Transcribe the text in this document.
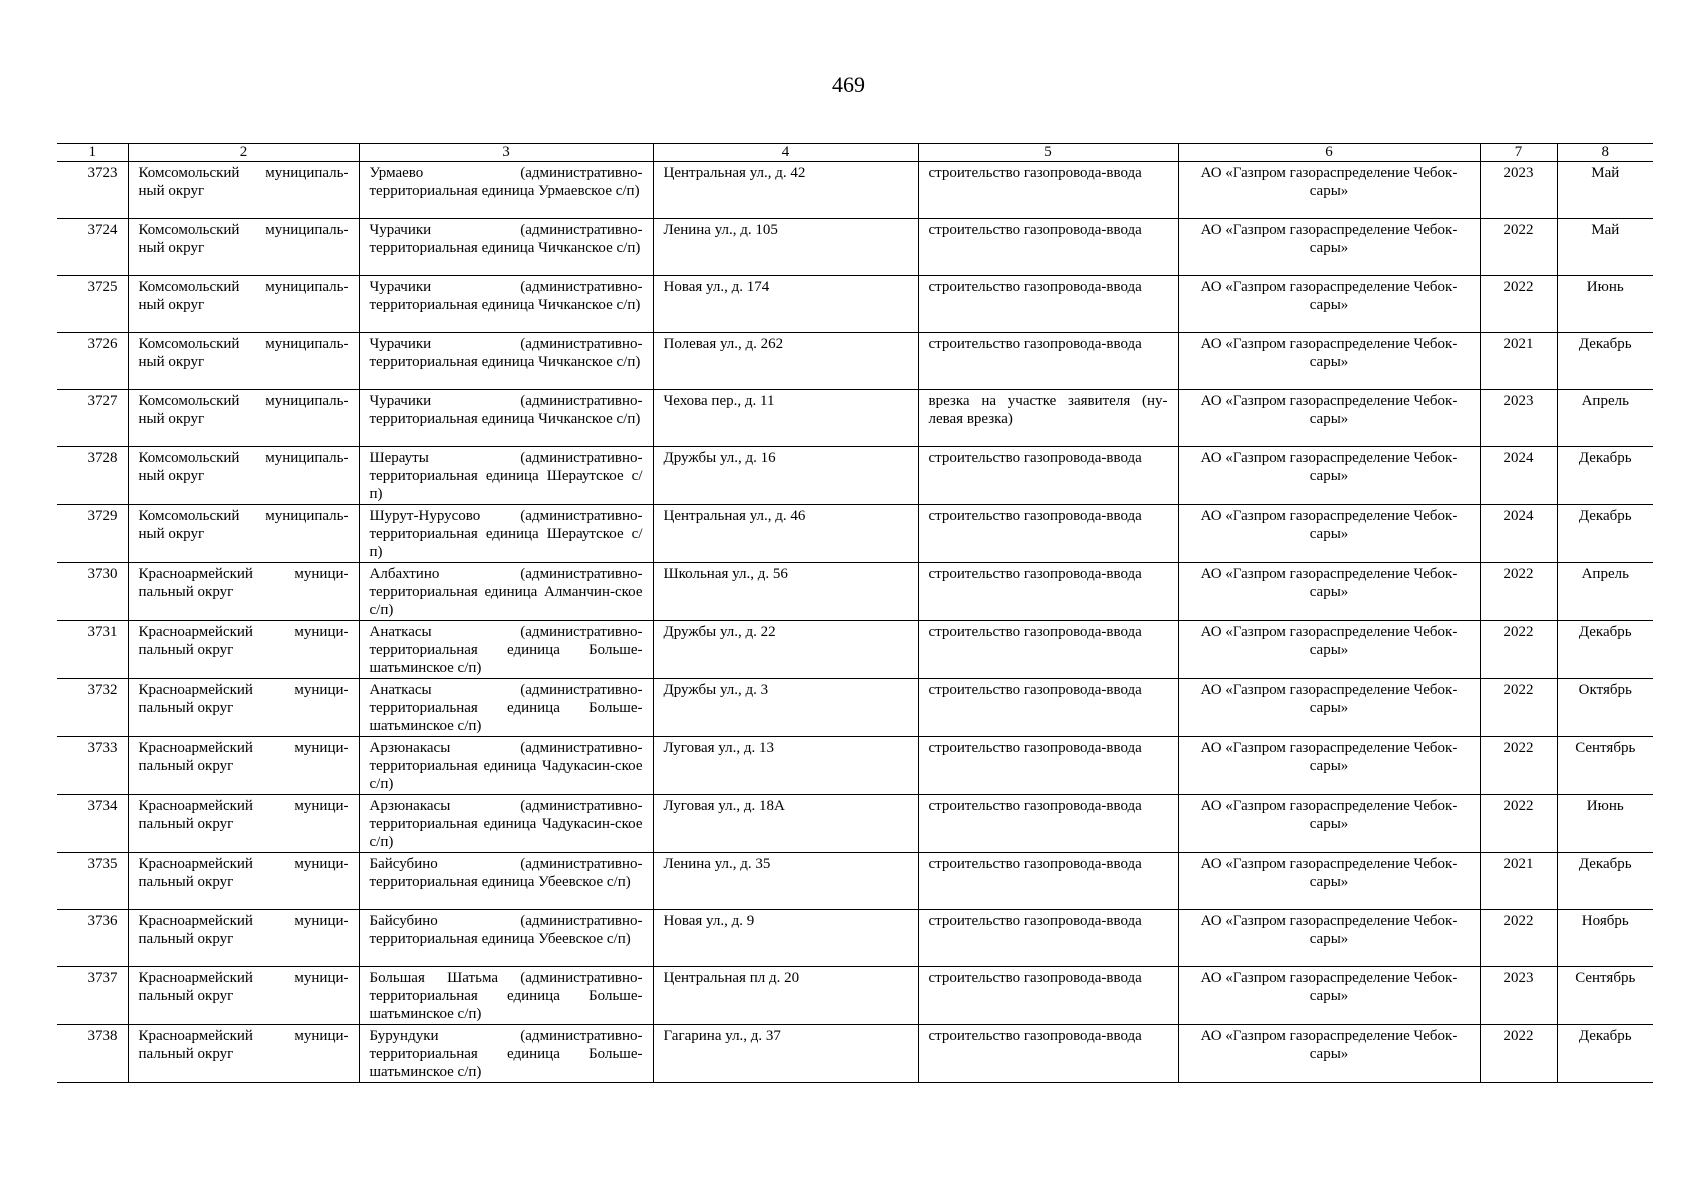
469
1	2	3	4	5	6	7	8
3723	Комсомольский муниципаль-ный округ	Урмаево (административно-территориальная единица Урмаевское с/п)	Центральная ул., д. 42	строительство газопровода-ввода	АО «Газпром газораспределение Чебок-сары»	2023	Май
3724	Комсомольский муниципаль-ный округ	Чурачики (административно-территориальная единица Чичканское с/п)	Ленина ул., д. 105	строительство газопровода-ввода	АО «Газпром газораспределение Чебок-сары»	2022	Май
3725	Комсомольский муниципаль-ный округ	Чурачики (административно-территориальная единица Чичканское с/п)	Новая ул., д. 174	строительство газопровода-ввода	АО «Газпром газораспределение Чебок-сары»	2022	Июнь
3726	Комсомольский муниципаль-ный округ	Чурачики (административно-территориальная единица Чичканское с/п)	Полевая ул., д. 262	строительство газопровода-ввода	АО «Газпром газораспределение Чебок-сары»	2021	Декабрь
3727	Комсомольский муниципаль-ный округ	Чурачики (административно-территориальная единица Чичканское с/п)	Чехова пер., д. 11	врезка на участке заявителя (ну-левая врезка)	АО «Газпром газораспределение Чебок-сары»	2023	Апрель
3728	Комсомольский муниципаль-ный округ	Шерауты (административно-территориальная единица Шераутское с/п)	Дружбы ул., д. 16	строительство газопровода-ввода	АО «Газпром газораспределение Чебок-сары»	2024	Декабрь
3729	Комсомольский муниципаль-ный округ	Шурут-Нурусово (административно-территориальная единица Шераутское с/п)	Центральная ул., д. 46	строительство газопровода-ввода	АО «Газпром газораспределение Чебок-сары»	2024	Декабрь
3730	Красноармейский муници-пальный округ	Албахтино (административно-территориальная единица Алманчин-ское с/п)	Школьная ул., д. 56	строительство газопровода-ввода	АО «Газпром газораспределение Чебок-сары»	2022	Апрель
3731	Красноармейский муници-пальный округ	Анаткасы (административно-территориальная единица Больше-шатьминское с/п)	Дружбы ул., д. 22	строительство газопровода-ввода	АО «Газпром газораспределение Чебок-сары»	2022	Декабрь
3732	Красноармейский муници-пальный округ	Анаткасы (административно-территориальная единица Больше-шатьминское с/п)	Дружбы ул., д. 3	строительство газопровода-ввода	АО «Газпром газораспределение Чебок-сары»	2022	Октябрь
3733	Красноармейский муници-пальный округ	Арзюнакасы (административно-территориальная единица Чадукасин-ское с/п)	Луговая ул., д. 13	строительство газопровода-ввода	АО «Газпром газораспределение Чебок-сары»	2022	Сентябрь
3734	Красноармейский муници-пальный округ	Арзюнакасы (административно-территориальная единица Чадукасин-ское с/п)	Луговая ул., д. 18А	строительство газопровода-ввода	АО «Газпром газораспределение Чебок-сары»	2022	Июнь
3735	Красноармейский муници-пальный округ	Байсубино (административно-территориальная единица Убеевское с/п)	Ленина ул., д. 35	строительство газопровода-ввода	АО «Газпром газораспределение Чебок-сары»	2021	Декабрь
3736	Красноармейский муници-пальный округ	Байсубино (административно-территориальная единица Убеевское с/п)	Новая ул., д. 9	строительство газопровода-ввода	АО «Газпром газораспределение Чебок-сары»	2022	Ноябрь
3737	Красноармейский муници-пальный округ	Большая Шатьма (административно-территориальная единица Больше-шатьминское с/п)	Центральная пл д. 20	строительство газопровода-ввода	АО «Газпром газораспределение Чебок-сары»	2023	Сентябрь
3738	Красноармейский муници-пальный округ	Бурундуки (административно-территориальная единица Больше-шатьминское с/п)	Гагарина ул., д. 37	строительство газопровода-ввода	АО «Газпром газораспределение Чебок-сары»	2022	Декабрь
